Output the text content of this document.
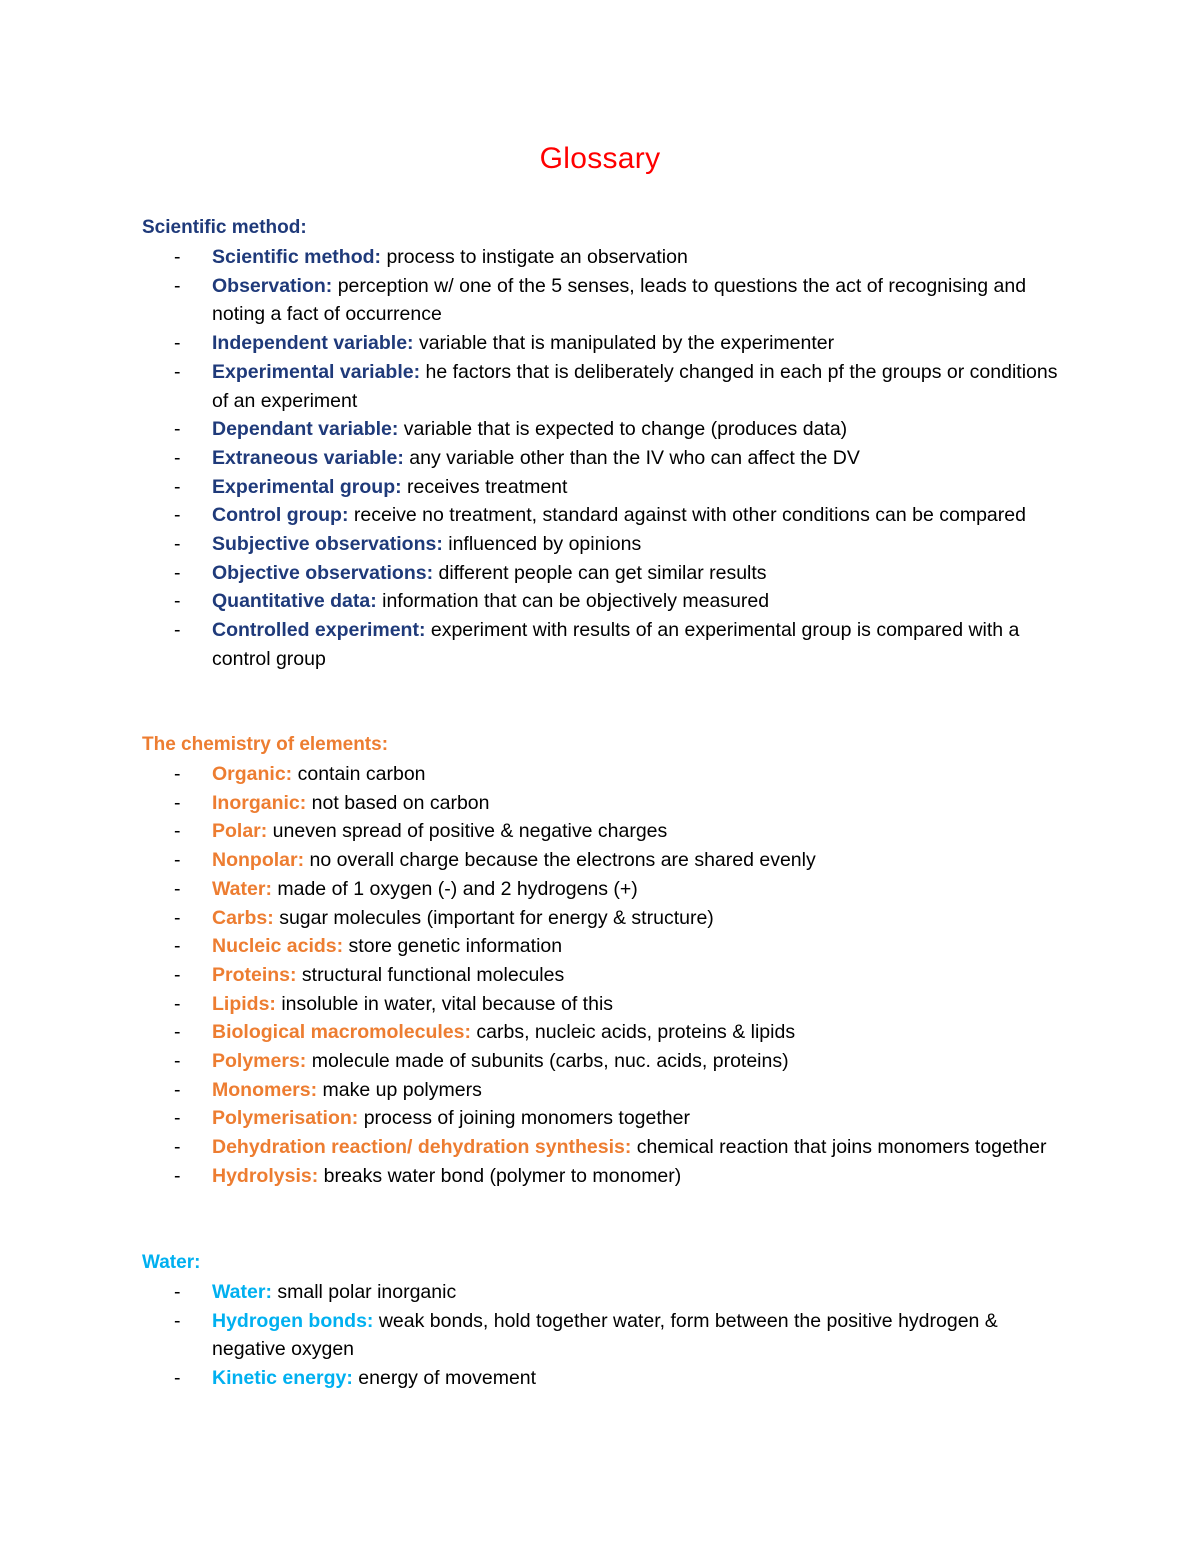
Glossary
Scientific method:
- Scientific method: process to instigate an observation
- Observation: perception w/ one of the 5 senses, leads to questions the act of recognising and noting a fact of occurrence
- Independent variable: variable that is manipulated by the experimenter
- Experimental variable: he factors that is deliberately changed in each pf the groups or conditions of an experiment
- Dependant variable: variable that is expected to change (produces data)
- Extraneous variable: any variable other than the IV who can affect the DV
- Experimental group: receives treatment
- Control group: receive no treatment, standard against with other conditions can be compared
- Subjective observations: influenced by opinions
- Objective observations: different people can get similar results
- Quantitative data: information that can be objectively measured
- Controlled experiment: experiment with results of an experimental group is compared with a control group
The chemistry of elements:
- Organic: contain carbon
- Inorganic: not based on carbon
- Polar: uneven spread of positive & negative charges
- Nonpolar: no overall charge because the electrons are shared evenly
- Water: made of 1 oxygen (-) and 2 hydrogens (+)
- Carbs: sugar molecules (important for energy & structure)
- Nucleic acids: store genetic information
- Proteins: structural functional molecules
- Lipids: insoluble in water, vital because of this
- Biological macromolecules: carbs, nucleic acids, proteins & lipids
- Polymers: molecule made of subunits (carbs, nuc. acids, proteins)
- Monomers: make up polymers
- Polymerisation: process of joining monomers together
- Dehydration reaction/ dehydration synthesis: chemical reaction that joins monomers together
- Hydrolysis: breaks water bond (polymer to monomer)
Water:
- Water: small polar inorganic
- Hydrogen bonds: weak bonds, hold together water, form between the positive hydrogen & negative oxygen
- Kinetic energy: energy of movement
